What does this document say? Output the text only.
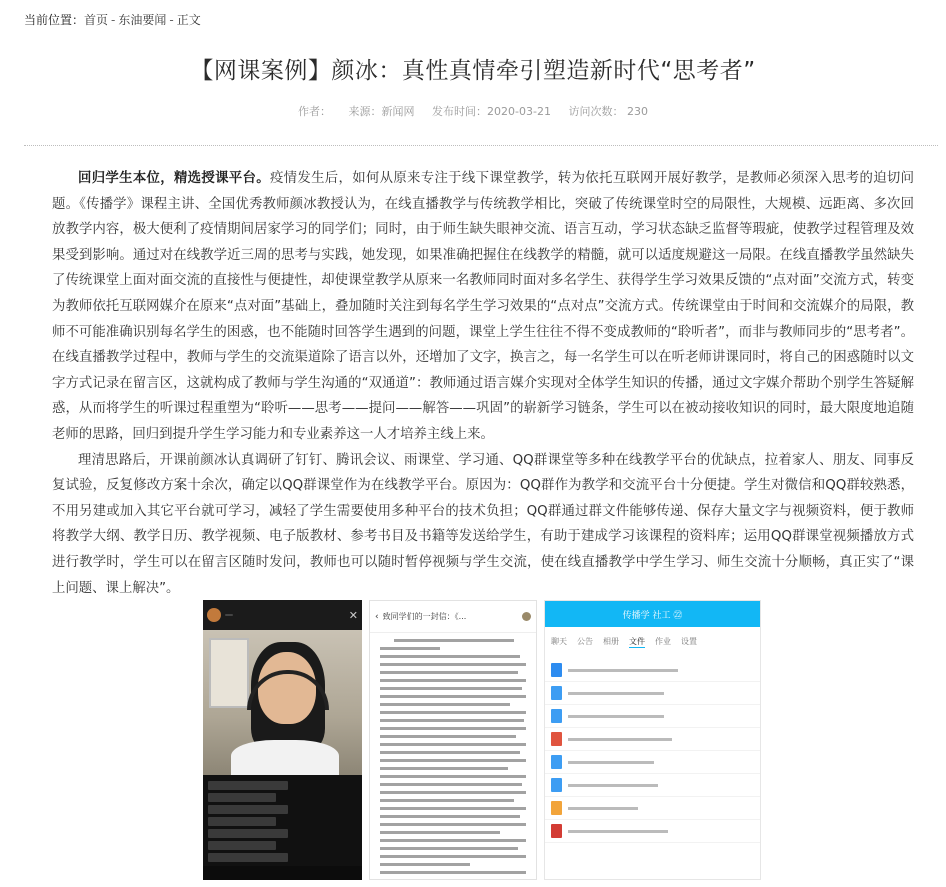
当前位置：首页 - 东油要闻 - 正文
【网课案例】颜冰：真性真情牵引塑造新时代“思考者”
作者： 来源：新闻网 发布时间：2020-03-21 访问次数： 230

回归学生本位，精选授课平台。疫情发生后，如何从原来专注于线下课堂教学，转为依托互联网开展好教学，是教师必须深入思考的迫切问题。《传播学》课程主讲、全国优秀教师颜冰教授认为，在线直播教学与传统教学相比，突破了传统课堂时空的局限性，大规模、远距离、多次回放教学内容，极大便利了疫情期间居家学习的同学们；同时，由于师生缺失眼神交流、语言互动，学习状态缺乏监督等瑕疵，使教学过程管理及效果受到影响。通过对在线教学近三周的思考与实践，她发现，如果准确把握住在线教学的精髓，就可以适度规避这一局限。在线直播教学虽然缺失了传统课堂上面对面交流的直接性与便捷性，却使课堂教学从原来一名教师同时面对多名学生、获得学生学习效果反馈的“点对面”交流方式，转变为教师依托互联网媒介在原来“点对面”基础上，叠加随时关注到每名学生学习效果的“点对点”交流方式。传统课堂由于时间和交流媒介的局限，教师不可能准确识别每名学生的困惑，也不能随时回答学生遇到的问题，课堂上学生往往不得不变成教师的“聆听者”，而非与教师同步的“思考者”。在线直播教学过程中，教师与学生的交流渠道除了语言以外，还增加了文字，换言之，每一名学生可以在听老师讲课同时，将自己的困惑随时以文字方式记录在留言区，这就构成了教师与学生沟通的“双通道”：教师通过语言媒介实现对全体学生知识的传播，通过文字媒介帮助个别学生答疑解惑，从而将学生的听课过程重塑为“聆听——思考——提问——解答——巩固”的崭新学习链条，学生可以在被动接收知识的同时，最大限度地追随老师的思路，回归到提升学生学习能力和专业素养这一人才培养主线上来。

理清思路后，开课前颜冰认真调研了钉钉、腾讯会议、雨课堂、学习通、QQ群课堂等多种在线教学平台的优缺点，拉着家人、朋友、同事反复试验，反复修改方案十余次，确定以QQ群课堂作为在线教学平台。原因为：QQ群作为教学和交流平台十分便捷。学生对微信和QQ群较熟悉，不用另建或加入其它平台就可学习，减轻了学生需要使用多种平台的技术负担；QQ群通过群文件能够传递、保存大量文字与视频资料，便于教师将教学大纲、教学日历、教学视频、电子版教材、参考书目及书籍等发送给学生，有助于建成学习该课程的资料库；运用QQ群课堂视频播放方式进行教学时，学生可以在留言区随时发问，教师也可以随时暂停视频与学生交流，使在线直播教学中学生学习、师生交流十分顺畅，真正实了“课上问题、课上解决”。

✕ ‹ 致同学们的一封信：《...	传播学 社工 ㉒
聊天 公告 相册 文件 作业 设置
